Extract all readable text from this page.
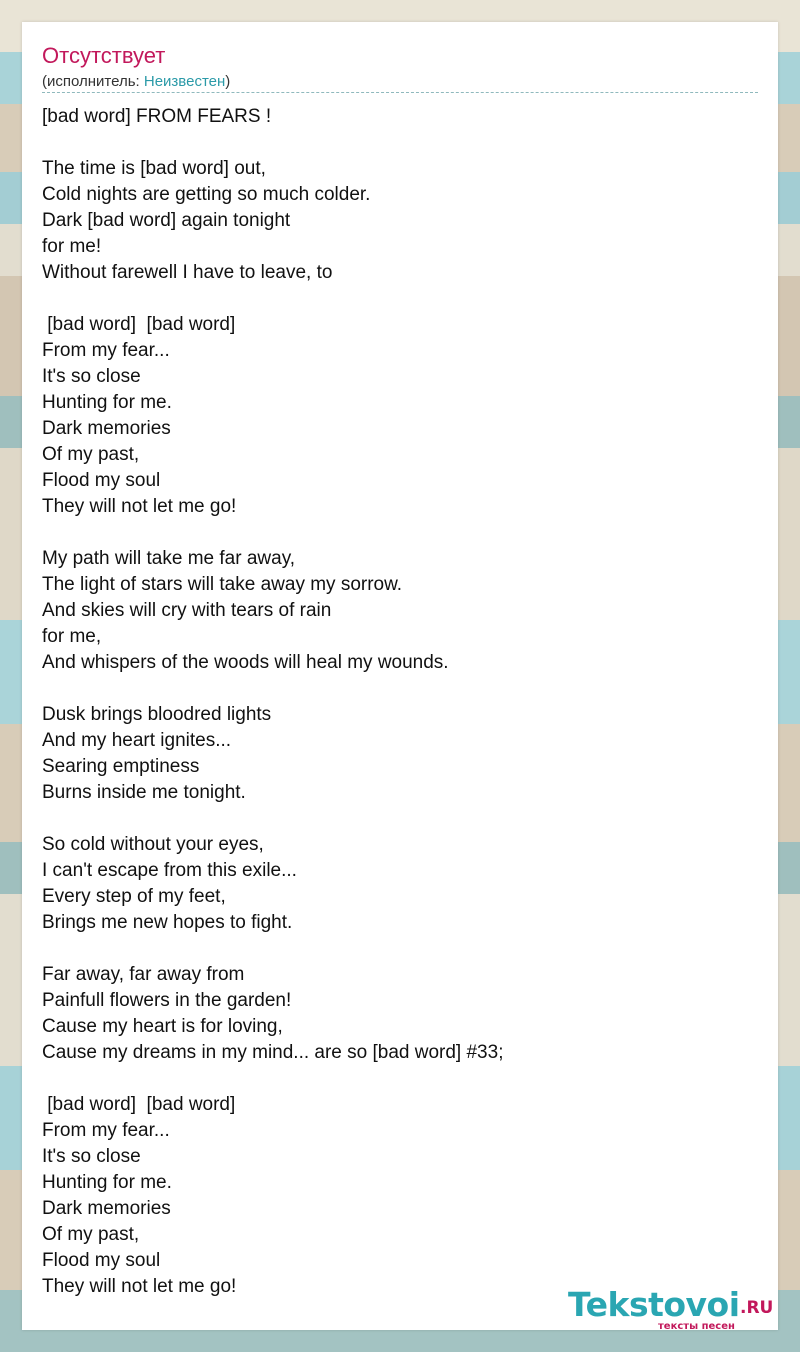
Отсутствует
(исполнитель: Неизвестен)
[bad word] FROM FEARS !

The time is [bad word] out,
Cold nights are getting so much colder.
Dark [bad word] again tonight
for me!
Without farewell I have to leave, to

[bad word]  [bad word]
From my fear...
It's so close
Hunting for me.
Dark memories
Of my past,
Flood my soul
They will not let me go!

My path will take me far away,
The light of stars will take away my sorrow.
And skies will cry with tears of rain
for me,
And whispers of the woods will heal my wounds.

Dusk brings bloodred lights
And my heart ignites...
Searing emptiness
Burns inside me tonight.

So cold without your eyes,
I can't escape from this exile...
Every step of my feet,
Brings me new hopes to fight.

Far away, far away from
Painfull flowers in the garden!
Cause my heart is for loving,
Cause my dreams in my mind... are so [bad word] #33;

[bad word]  [bad word]
From my fear...
It's so close
Hunting for me.
Dark memories
Of my past,
Flood my soul
They will not let me go!	Tekstovoi .RU
тексты песен
